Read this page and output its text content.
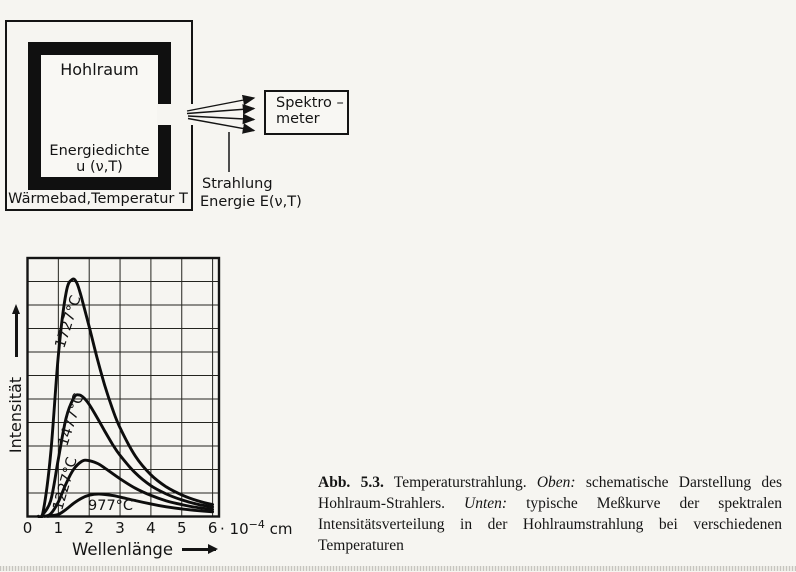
Hohlraum
Energiedichte
u (ν,T)
Wärmebad,Temperatur T
Spektro –
meter
Strahlung
Energie E(ν,T)
1727°C
1477°C
1227°C 977°C
0 1 2 3 4 5 $6 \cdot 10^{-4}$ cm
Wellenlänge
Intensität

Abb. 5.3. Temperaturstrahlung. Oben: schematische Darstellung des Hohlraum-Strahlers. Unten: typische Meßkurve der spektralen Intensitätsverteilung in der Hohlraumstrahlung bei verschiedenen Temperaturen
